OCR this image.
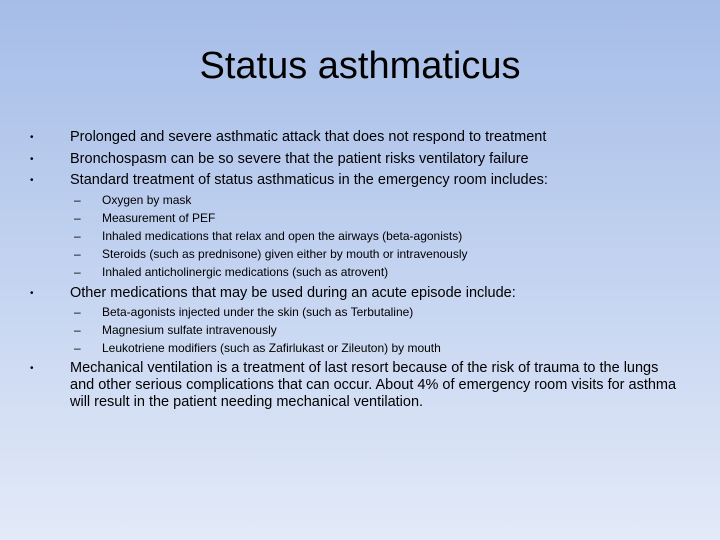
Status asthmaticus
•	Prolonged and severe asthmatic attack that does not respond to treatment
•	Bronchospasm can be so severe that the patient risks ventilatory failure
•	Standard treatment of status asthmaticus in the emergency room includes:
– Oxygen by mask
– Measurement of PEF
– Inhaled medications that relax and open the airways (beta-agonists)
– Steroids (such as prednisone) given either by mouth or intravenously
– Inhaled anticholinergic medications (such as atrovent)
•	Other medications that may be used during an acute episode include:
– Beta-agonists injected under the skin (such as Terbutaline)
– Magnesium sulfate intravenously
– Leukotriene modifiers (such as Zafirlukast or Zileuton) by mouth
•	Mechanical ventilation is a treatment of last resort because of the risk of trauma to the lungs and other serious complications that can occur. About 4% of emergency room visits for asthma will result in the patient needing mechanical ventilation.
